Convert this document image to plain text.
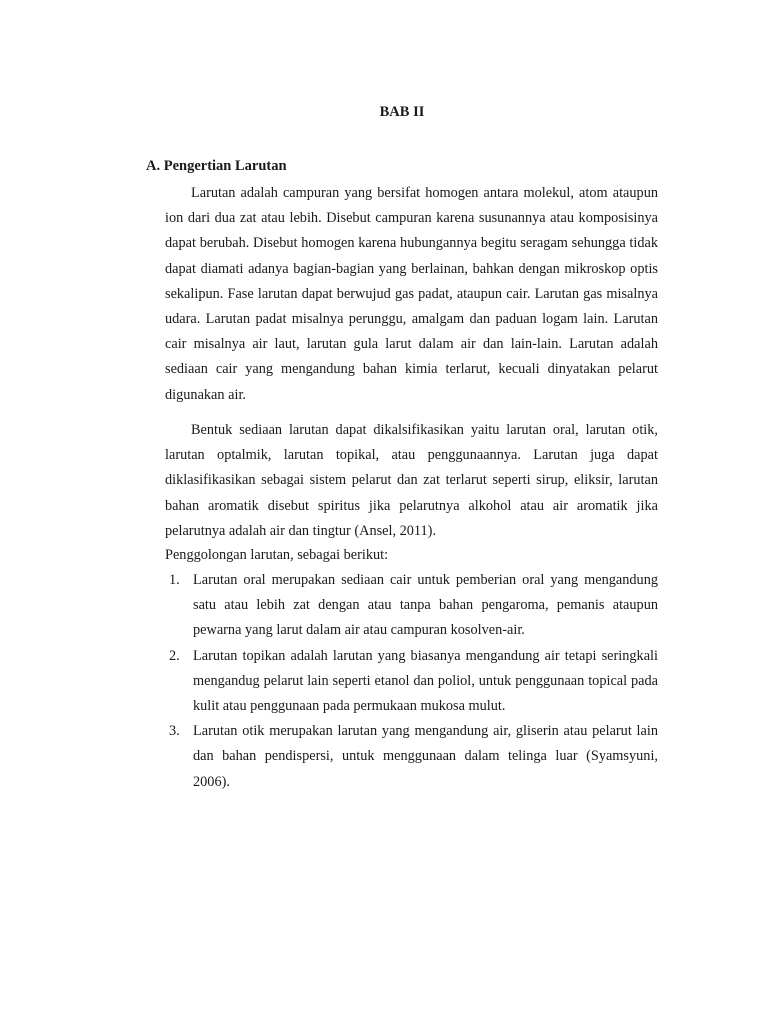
BAB II
A. Pengertian Larutan

Larutan adalah campuran yang bersifat homogen antara molekul, atom ataupun ion dari dua zat atau lebih. Disebut campuran karena susunannya atau komposisinya dapat berubah. Disebut homogen karena hubungannya begitu seragam sehungga tidak dapat diamati adanya bagian-bagian yang berlainan, bahkan dengan mikroskop optis sekalipun. Fase larutan dapat berwujud gas padat, ataupun cair. Larutan gas misalnya udara. Larutan padat misalnya perunggu, amalgam dan paduan logam lain. Larutan cair misalnya air laut, larutan gula larut dalam air dan lain-lain. Larutan adalah sediaan cair yang mengandung bahan kimia terlarut, kecuali dinyatakan pelarut digunakan air.

Bentuk sediaan larutan dapat dikalsifikasikan yaitu larutan oral, larutan otik, larutan optalmik, larutan topikal, atau penggunaannya. Larutan juga dapat diklasifikasikan sebagai sistem pelarut dan zat terlarut seperti sirup, eliksir, larutan bahan aromatik disebut spiritus jika pelarutnya alkohol atau air aromatik jika pelarutnya adalah air dan tingtur (Ansel, 2011).

Penggolongan larutan, sebagai berikut:

1. Larutan oral merupakan sediaan cair untuk pemberian oral yang mengandung satu atau lebih zat dengan atau tanpa bahan pengaroma, pemanis ataupun pewarna yang larut dalam air atau campuran kosolven-air.
2. Larutan topikan adalah larutan yang biasanya mengandung air tetapi seringkali mengandug pelarut lain seperti etanol dan poliol, untuk penggunaan topical pada kulit atau penggunaan pada permukaan mukosa mulut.
3. Larutan otik merupakan larutan yang mengandung air, gliserin atau pelarut lain dan bahan pendispersi, untuk menggunaan dalam telinga luar (Syamsyuni, 2006).
